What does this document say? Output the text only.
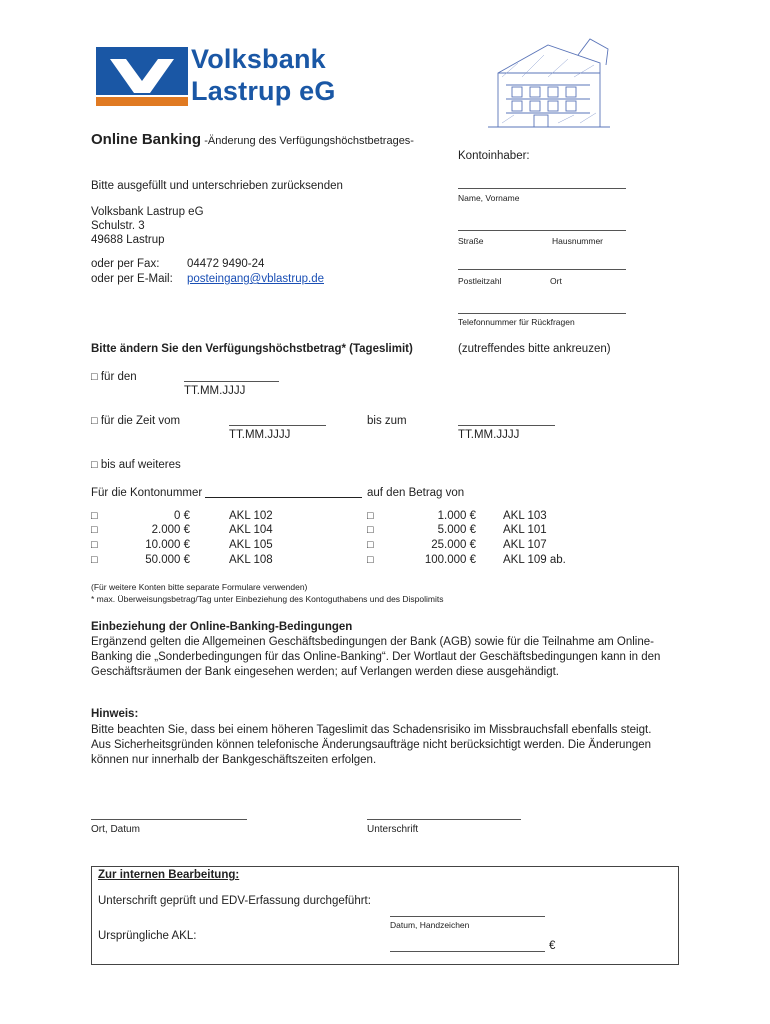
Volksbank
Lastrup eG
Online Banking -Änderung des Verfügungshöchstbetrages-
Bitte ausgefüllt und unterschrieben zurücksenden
Volksbank Lastrup eG
Schulstr. 3
49688 Lastrup
oder per Fax: 04472 9490-24
oder per E-Mail: posteingang@vblastrup.de
Kontoinhaber:
Name, Vorname
Straße	Hausnummer
Postleitzahl	Ort
Telefonnummer für Rückfragen
Bitte ändern Sie den Verfügungshöchstbetrag* (Tageslimit)	(zutreffendes bitte ankreuzen)
□ für den
TT.MM.JJJJ
□ für die Zeit vom
TT.MM.JJJJ
bis zum
TT.MM.JJJJ
□ bis auf weiteres
Für die Kontonummer	auf den Betrag von
□	0 €	AKL 102
□	2.000 €	AKL 104
□	10.000 €	AKL 105
□	50.000 €	AKL 108
□	1.000 € AKL 103
□	5.000 € AKL 101
□	25.000 € AKL 107
□	100.000 € AKL 109 ab.
(Für weitere Konten bitte separate Formulare verwenden)
* max. Überweisungsbetrag/Tag unter Einbeziehung des Kontoguthabens und des Dispolimits
Einbeziehung der Online-Banking-Bedingungen
Ergänzend gelten die Allgemeinen Geschäftsbedingungen der Bank (AGB) sowie für die Teilnahme am Online-Banking die „Sonderbedingungen für das Online-Banking“. Der Wortlaut der Geschäftsbedingungen kann in den Geschäftsräumen der Bank eingesehen werden; auf Verlangen werden diese ausgehändigt.
Hinweis:
Bitte beachten Sie, dass bei einem höheren Tageslimit das Schadensrisiko im Missbrauchsfall ebenfalls steigt. Aus Sicherheitsgründen können telefonische Änderungsaufträge nicht berücksichtigt werden. Die Änderungen können nur innerhalb der Bankgeschäftszeiten erfolgen.
Ort, Datum	Unterschrift
Zur internen Bearbeitung:
Unterschrift geprüft und EDV-Erfassung durchgeführt:
Datum, Handzeichen
Ursprüngliche AKL:
€
